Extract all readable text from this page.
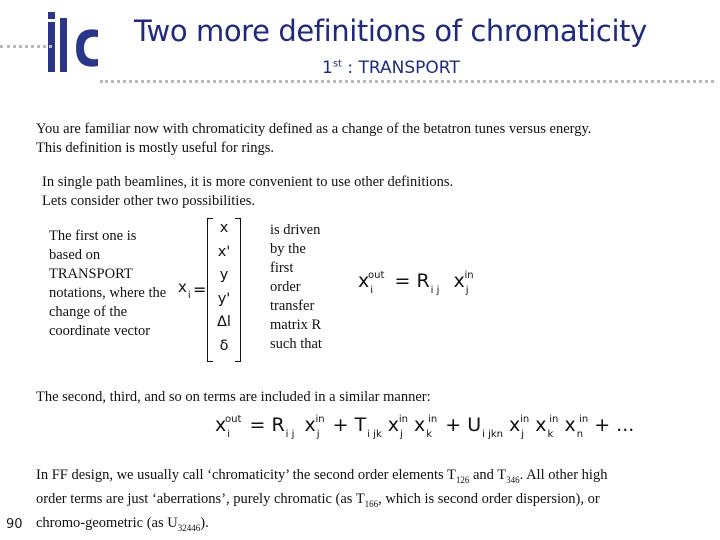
Two more definitions of chromaticity
1st : TRANSPORT
You are familiar now with chromaticity defined as a change of the betatron tunes versus energy.
This definition is mostly useful for rings.
In single path beamlines, it is more convenient to use other definitions.
Lets consider other two possibilities.
The first one is
based on
TRANSPORT
notations, where the
change of the
coordinate vector
$x_i$ =
x
x'
y
y'
Δl
δ
is driven
by the
first
order
transfer
matrix R
such that
$x_i^{out} = R_{i j}$ $x_j^{in}$
The second, third, and so on terms are included in a similar manner:
$x_i^{out} = R_{i j}$ $x_j^{in} + T_{i jk}$ $x_j^{in}$ $x_k^{in} + U_{i jkn}$ $x_j^{in}$ $x_k^{in}$ $x_n^{in}$ + ...
In FF design, we usually call ‘chromaticity’ the second order elements $T_{126}$ and $T_{346}$. All other high
order terms are just ‘aberrations’, purely chromatic (as $T_{166}$, which is second order dispersion), or
chromo-geometric (as $U_{32446}$).
90
